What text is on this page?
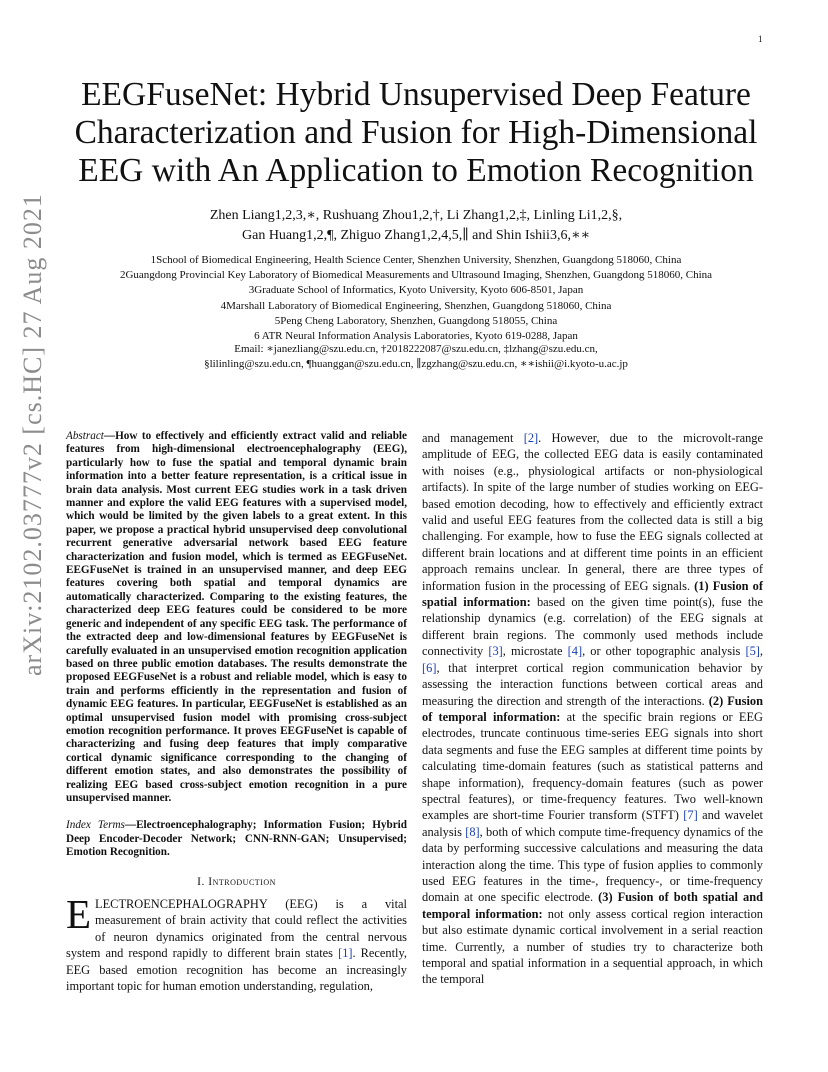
1
arXiv:2102.03777v2 [cs.HC] 27 Aug 2021
EEGFuseNet: Hybrid Unsupervised Deep Feature Characterization and Fusion for High-Dimensional EEG with An Application to Emotion Recognition
Zhen Liang1,2,3,∗, Rushuang Zhou1,2,†, Li Zhang1,2,‡, Linling Li1,2,§,
Gan Huang1,2,¶, Zhiguo Zhang1,2,4,5,∥ and Shin Ishii3,6,∗∗
1School of Biomedical Engineering, Health Science Center, Shenzhen University, Shenzhen, Guangdong 518060, China
2Guangdong Provincial Key Laboratory of Biomedical Measurements and Ultrasound Imaging, Shenzhen, Guangdong 518060, China
3Graduate School of Informatics, Kyoto University, Kyoto 606-8501, Japan
4Marshall Laboratory of Biomedical Engineering, Shenzhen, Guangdong 518060, China
5Peng Cheng Laboratory, Shenzhen, Guangdong 518055, China
6 ATR Neural Information Analysis Laboratories, Kyoto 619-0288, Japan
Email: ∗janezliang@szu.edu.cn, †2018222087@szu.edu.cn, ‡lzhang@szu.edu.cn,
§lilinling@szu.edu.cn, ¶huanggan@szu.edu.cn, ∥zgzhang@szu.edu.cn, ∗∗ishii@i.kyoto-u.ac.jp

Abstract—How to effectively and efficiently extract valid and reliable features from high-dimensional electroencephalography (EEG), particularly how to fuse the spatial and temporal dynamic brain information into a better feature representation, is a critical issue in brain data analysis. Most current EEG studies work in a task driven manner and explore the valid EEG features with a supervised model, which would be limited by the given labels to a great extent. In this paper, we propose a practical hybrid unsupervised deep convolutional recurrent generative adversarial network based EEG feature characterization and fusion model, which is termed as EEGFuseNet. EEGFuseNet is trained in an unsupervised manner, and deep EEG features covering both spatial and temporal dynamics are automatically characterized. Comparing to the existing features, the characterized deep EEG features could be considered to be more generic and independent of any specific EEG task. The performance of the extracted deep and low-dimensional features by EEGFuseNet is carefully evaluated in an unsupervised emotion recognition application based on three public emotion databases. The results demonstrate the proposed EEGFuseNet is a robust and reliable model, which is easy to train and performs efficiently in the representation and fusion of dynamic EEG features. In particular, EEGFuseNet is established as an optimal unsupervised fusion model with promising cross-subject emotion recognition performance. It proves EEGFuseNet is capable of characterizing and fusing deep features that imply comparative cortical dynamic significance corresponding to the changing of different emotion states, and also demonstrates the possibility of realizing EEG based cross-subject emotion recognition in a pure unsupervised manner.

Index Terms—Electroencephalography; Information Fusion; Hybrid Deep Encoder-Decoder Network; CNN-RNN-GAN; Unsupervised; Emotion Recognition.

I. Introduction

ELECTROENCEPHALOGRAPHY (EEG) is a vital measurement of brain activity that could reflect the activities of neuron dynamics originated from the central nervous system and respond rapidly to different brain states [1]. Recently, EEG based emotion recognition has become an increasingly important topic for human emotion understanding, regulation,

and management [2]. However, due to the microvolt-range amplitude of EEG, the collected EEG data is easily contaminated with noises (e.g., physiological artifacts or non-physiological artifacts). In spite of the large number of studies working on EEG-based emotion decoding, how to effectively and efficiently extract valid and useful EEG features from the collected data is still a big challenging. For example, how to fuse the EEG signals collected at different brain locations and at different time points in an efficient approach remains unclear. In general, there are three types of information fusion in the processing of EEG signals. (1) Fusion of spatial information: based on the given time point(s), fuse the relationship dynamics (e.g. correlation) of the EEG signals at different brain regions. The commonly used methods include connectivity [3], microstate [4], or other topographic analysis [5], [6], that interpret cortical region communication behavior by assessing the interaction functions between cortical areas and measuring the direction and strength of the interactions. (2) Fusion of temporal information: at the specific brain regions or EEG electrodes, truncate continuous time-series EEG signals into short data segments and fuse the EEG samples at different time points by calculating time-domain features (such as statistical patterns and shape information), frequency-domain features (such as power spectral features), or time-frequency features. Two well-known examples are short-time Fourier transform (STFT) [7] and wavelet analysis [8], both of which compute time-frequency dynamics of the data by performing successive calculations and measuring the data interaction along the time. This type of fusion applies to commonly used EEG features in the time-, frequency-, or time-frequency domain at one specific electrode. (3) Fusion of both spatial and temporal information: not only assess cortical region interaction but also estimate dynamic cortical involvement in a serial reaction time. Currently, a number of studies try to characterize both temporal and spatial information in a sequential approach, in which the temporal
